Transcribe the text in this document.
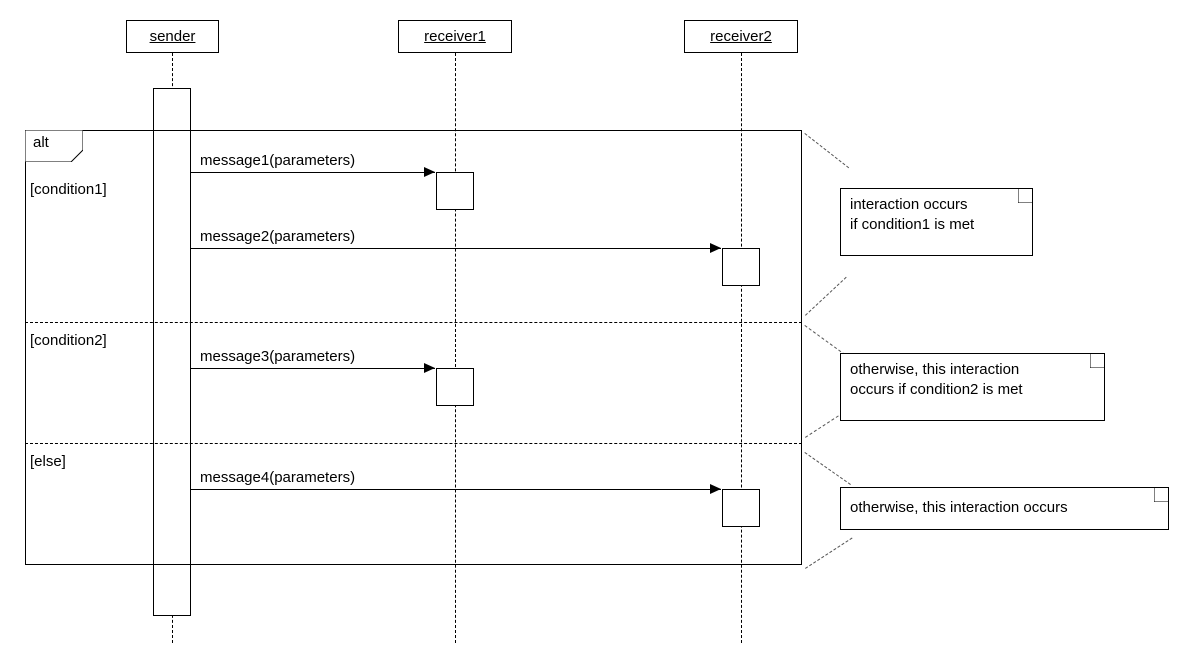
sender	receiver1	receiver2
alt
[condition1]
[condition2]
[else]
message1(parameters)
message2(parameters)
message3(parameters)
message4(parameters)
interaction occurs
if condition1 is met
otherwise, this interaction
occurs if condition2 is met
otherwise, this interaction occurs
